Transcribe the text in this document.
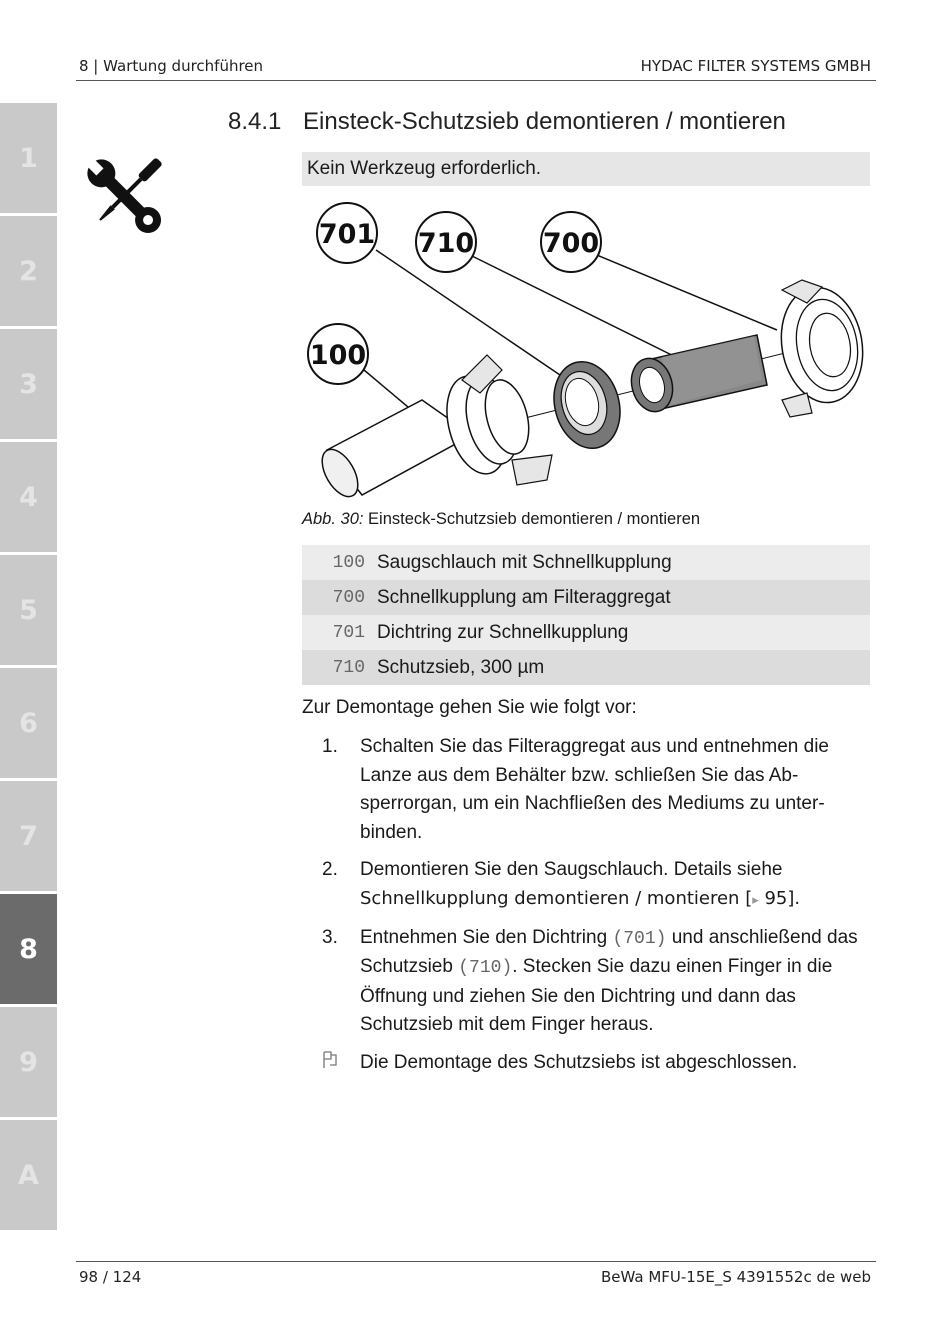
8 | Wartung durchführen	HYDAC FILTER SYSTEMS GMBH
1
2
3
4
5
6
7
8
9
A
8.4.1 Einsteck-Schutzsieb demontieren / montieren
Kein Werkzeug erforderlich.
701 710	700
100
Abb. 30: Einsteck-Schutzsieb demontieren / montieren
100 Saugschlauch mit Schnellkupplung
700 Schnellkupplung am Filteraggregat
701 Dichtring zur Schnellkupplung
710 Schutzsieb, 300 µm
Zur Demontage gehen Sie wie folgt vor:
1.	Schalten Sie das Filteraggregat aus und entnehmen die Lanze aus dem Behälter bzw. schließen Sie das Absperrorgan, um ein Nachfließen des Mediums zu unterbinden.
2.	Demontieren Sie den Saugschlauch. Details siehe Schnellkupplung demontieren / montieren [▸ 95].
3.	Entnehmen Sie den Dichtring (701) und anschließend das Schutzsieb (710). Stecken Sie dazu einen Finger in die Öffnung und ziehen Sie den Dichtring und dann das Schutzsieb mit dem Finger heraus.
Die Demontage des Schutzsiebs ist abgeschlossen.
98 / 124	BeWa MFU-15E_S 4391552c de web
